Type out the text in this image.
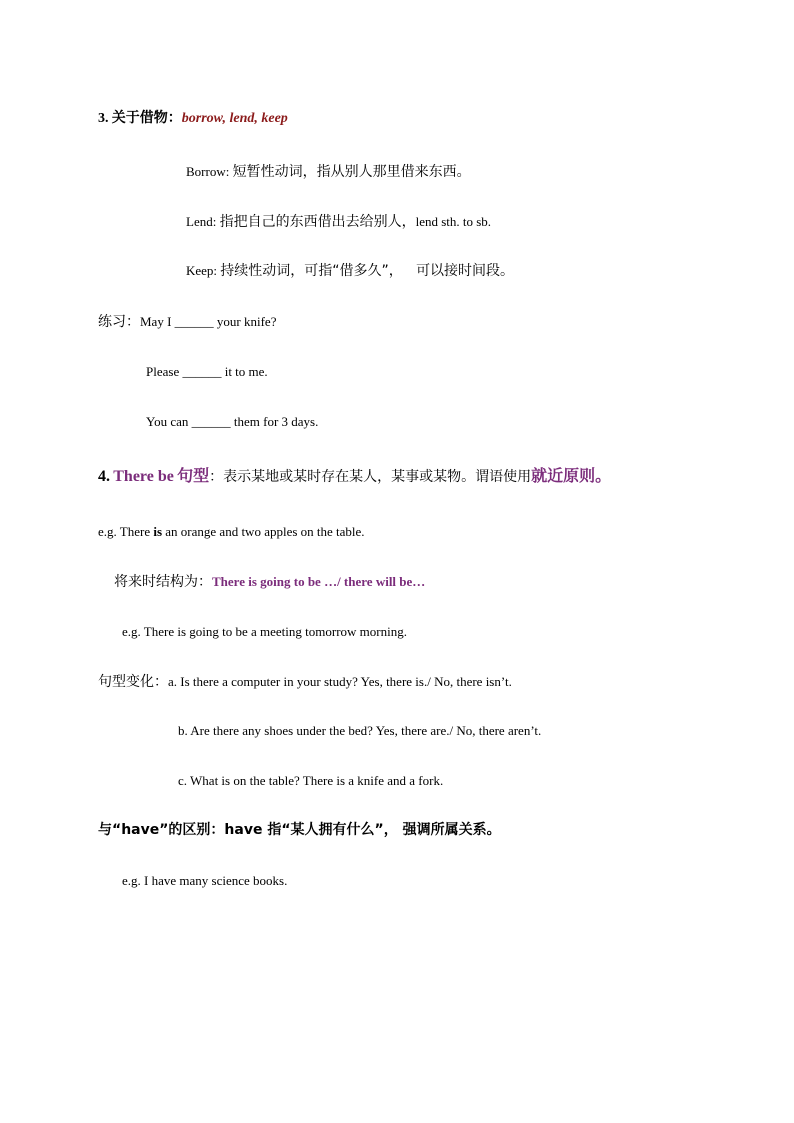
3. 关于借物：borrow, lend, keep
Borrow: 短暂性动词，指从别人那里借来东西。
Lend: 指把自己的东西借出去给别人，lend sth. to sb.
Keep: 持续性动词，可指“借多久”， 可以接时间段。
练习：May I ______ your knife?
Please ______ it to me.
You can ______ them for 3 days.
4. There be 句型：表示某地或某时存在某人，某事或某物。谓语使用就近原则。
e.g. There is an orange and two apples on the table.
将来时结构为：There is going to be …/ there will be…
e.g. There is going to be a meeting tomorrow morning.
句型变化：a. Is there a computer in your study? Yes, there is./ No, there isn’t.
b. Are there any shoes under the bed? Yes, there are./ No, there aren’t.
c. What is on the table? There is a knife and a fork.
与“have”的区别：have 指“某人拥有什么”， 强调所属关系。
e.g. I have many science books.
